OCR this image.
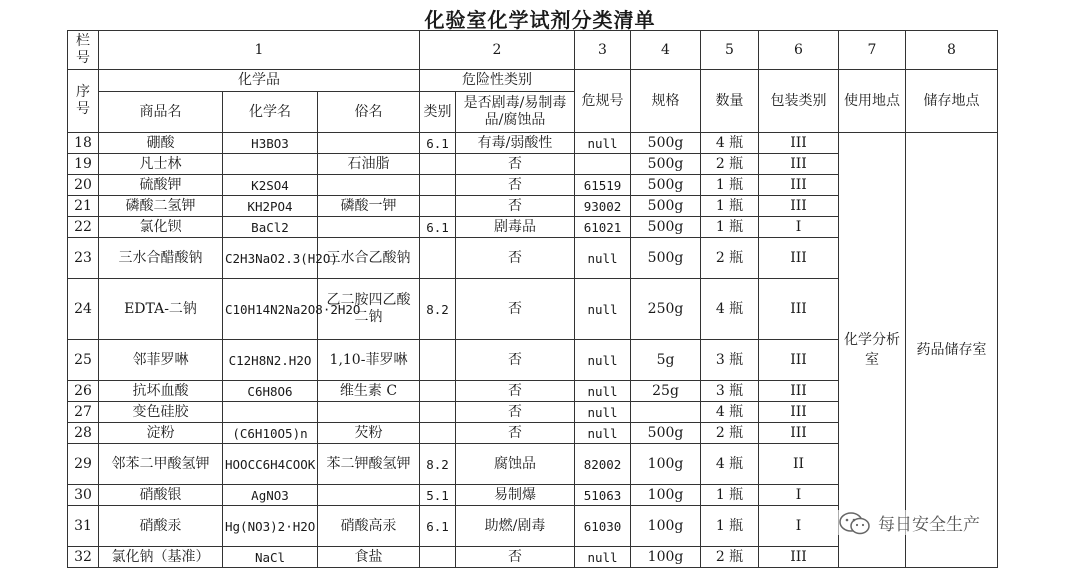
化验室化学试剂分类清单
栏号	1			2		3	4	5	6	7	8
序号	化学品			危险性类别		危规号	规格	数量	包装类别	使用地点	储存地点
	商品名	化学名	俗名	类别	是否剧毒/易制毒品/腐蚀品						
18	硼酸	H3BO3		6.1	有毒/弱酸性	null	500g	4 瓶	III	化学分析室	药品储存室
19	凡士林		石油脂		否		500g	2 瓶	III		
20	硫酸钾	K2SO4			否	61519	500g	1 瓶	III		
21	磷酸二氢钾	KH2PO4	磷酸一钾		否	93002	500g	1 瓶	III		
22	氯化钡	BaCl2		6.1	剧毒品	61021	500g	1 瓶	I		
23	三水合醋酸钠	C2H3NaO2.3(H2O)	三水合乙酸钠		否	null	500g	2 瓶	III		
24	EDTA-二钠	C10H14N2Na2O8·2H2O	乙二胺四乙酸二钠	8.2	否	null	250g	4 瓶	III		
25	邻菲罗啉	C12H8N2.H2O	1,10-菲罗啉		否	null	5g	3 瓶	III		
26	抗坏血酸	C6H8O6	维生素 C		否	null	25g	3 瓶	III		
27	变色硅胶				否	null		4 瓶	III		
28	淀粉	(C6H10O5)n	芡粉		否	null	500g	2 瓶	III		
29	邻苯二甲酸氢钾	HOOCC6H4COOK	苯二钾酸氢钾	8.2	腐蚀品	82002	100g	4 瓶	II		
30	硝酸银	AgNO3		5.1	易制爆	51063	100g	1 瓶	I		
31	硝酸汞	Hg(NO3)2·H2O	硝酸高汞	6.1	助燃/剧毒	61030	100g	1 瓶	I		
32	氯化钠（基准）	NaCl	食盐		否	null	100g	2 瓶	III		
每日安全生产
